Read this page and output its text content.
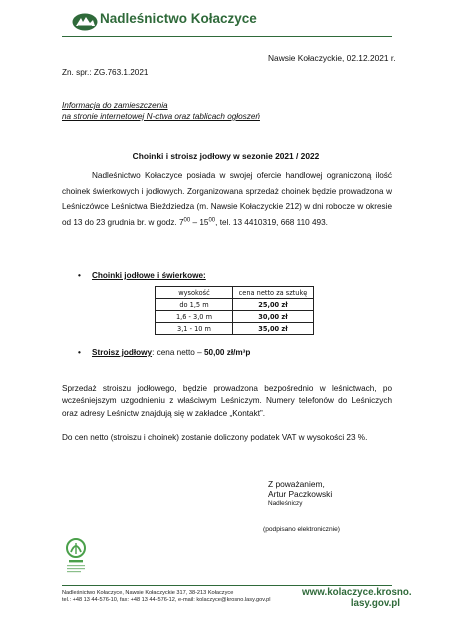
Nadleśnictwo Kołaczyce
Nawsie Kołaczyckie, 02.12.2021 r.
Zn. spr.: ZG.763.1.2021
Informacja do zamieszczenia
na stronie internetowej N-ctwa oraz tablicach ogłoszeń
Choinki i stroisz jodłowy w sezonie 2021 / 2022
Nadleśnictwo Kołaczyce posiada w swojej ofercie handlowej ograniczoną ilość choinek świerkowych i jodłowych. Zorganizowana sprzedaż choinek będzie prowadzona w Leśniczówce Leśnictwa Bieździedza (m. Nawsie Kołaczyckie 212) w dni robocze w okresie od 13 do 23 grudnia br. w godz. $7^{00} - 15^{00}$, tel. 13 4410319, 668 110 493.
• Choinki jodłowe i świerkowe:
wysokość	cena netto za sztukę
do 1,5 m	25,00 zł
1,6 - 3,0 m	30,00 zł
3,1 - 10 m	35,00 zł
• Stroisz jodłowy: cena netto – 50,00 zł/m³p
Sprzedaż stroiszu jodłowego, będzie prowadzona bezpośrednio w leśnictwach, po wcześniejszym uzgodnieniu z właściwym Leśniczym. Numery telefonów do Leśniczych oraz adresy Leśnictw znajdują się w zakładce „Kontakt”.
Do cen netto (stroiszu i choinek) zostanie doliczony podatek VAT w wysokości 23 %.
Z poważaniem,
Artur Paczkowski
Nadleśniczy
(podpisano elektronicznie)
Nadleśnictwo Kołaczyce, Nawsie Kołaczyckie 317, 38-213 Kołaczyce
tel.: +48 13 44-576-10, fax: +48 13 44-576-12, e-mail: kolaczyce@krosno.lasy.gov.pl
www.kolaczyce.krosno.
lasy.gov.pl
